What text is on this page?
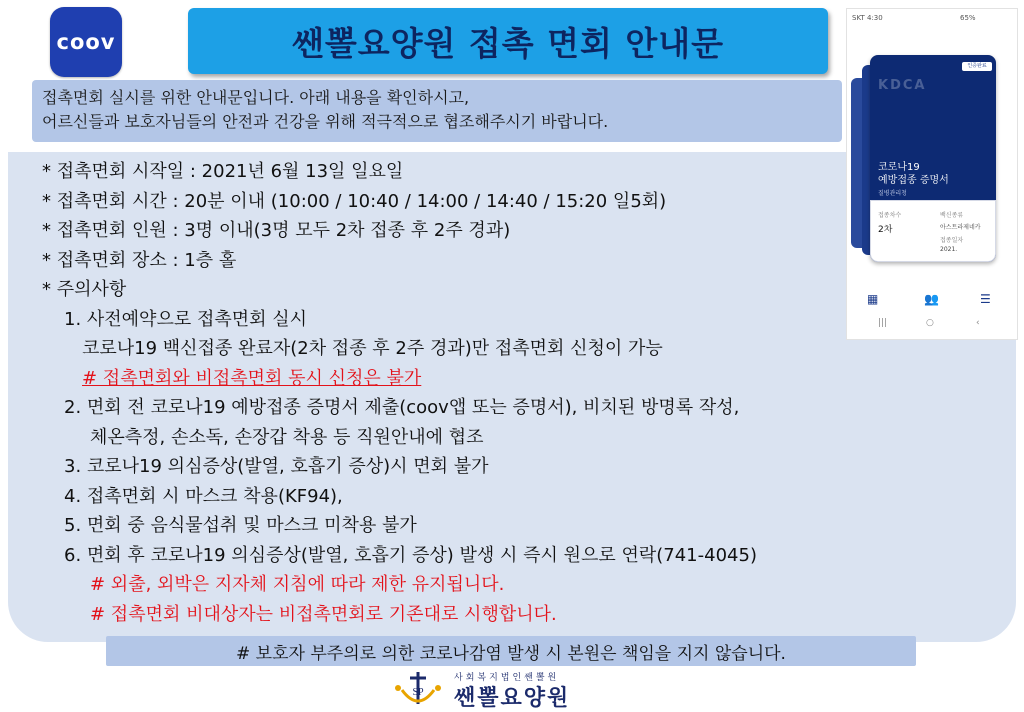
coov	쌘뽈요양원 접촉 면회 안내문
접촉면회 실시를 위한 안내문입니다. 아래 내용을 확인하시고,
어르신들과 보호자님들의 안전과 건강을 위해 적극적으로 협조해주시기 바랍니다.
* 접촉면회 시작일 : 2021년 6월 13일 일요일
* 접촉면회 시간 : 20분 이내 (10:00 / 10:40 / 14:00 / 14:40 / 15:20 일5회)
* 접촉면회 인원 : 3명 이내(3명 모두 2차 접종 후 2주 경과)
* 접촉면회 장소 : 1층 홀
* 주의사항
1. 사전예약으로 접촉면회 실시
코로나19 백신접종 완료자(2차 접종 후 2주 경과)만 접촉면회 신청이 가능
# 접촉면회와 비접촉면회 동시 신청은 불가
2. 면회 전 코로나19 예방접종 증명서 제출(coov앱 또는 증명서), 비치된 방명록 작성,
체온측정, 손소독, 손장갑 착용 등 직원안내에 협조
3. 코로나19 의심증상(발열, 호흡기 증상)시 면회 불가
4. 접촉면회 시 마스크 착용(KF94),
5. 면회 중 음식물섭취 및 마스크 미착용 불가
6. 면회 후 코로나19 의심증상(발열, 호흡기 증상) 발생 시 즉시 원으로 연락(741-4045)
# 외출, 외박은 지자체 지침에 따라 제한 유지됩니다.
# 접촉면회 비대상자는 비접촉면회로 기존대로 시행합니다.
# 보호자 부주의로 의한 코로나감염 발생 시 본원은 책임을 지지 않습니다.
SP
사회복지법인쌘뽈원
쌘뽈요양원
SKT 4:30	65%
KDCA
인증완료
코로나19
예방접종 증명서
질병관리청
접종차수
2차
백신종류
아스트라제네카
접종일자
2021.
▦	👥	☰
|||	○	‹
